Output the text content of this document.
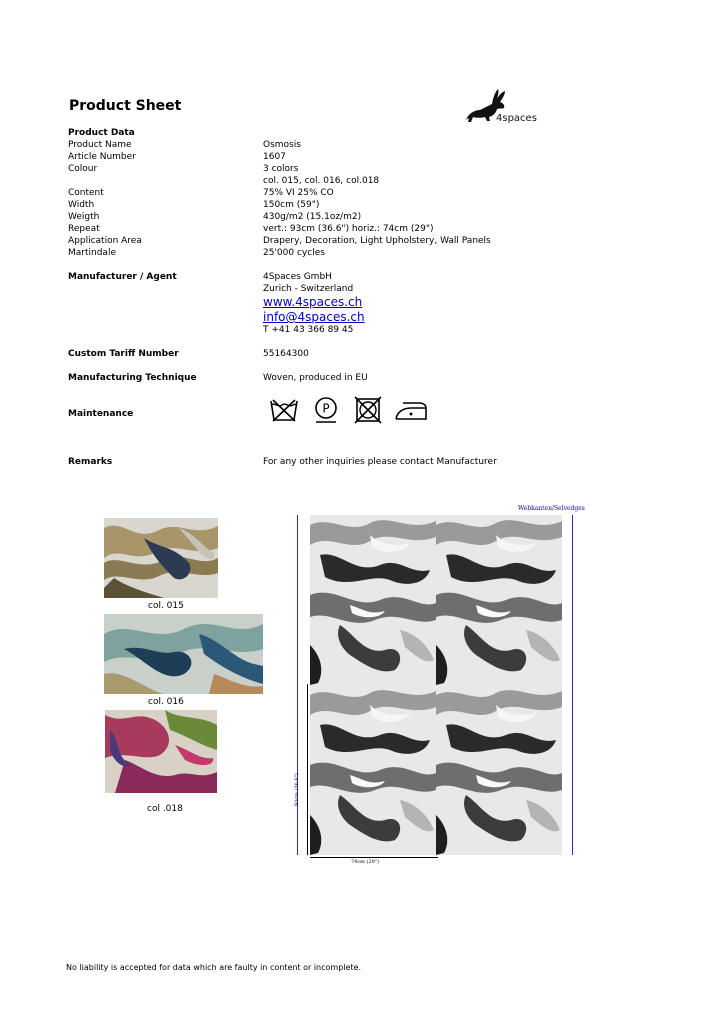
Product Sheet
4spaces
Product Data
Product Name	Osmosis
Article Number	1607
Colour	3 colors
col. 015, col. 016, col.018
Content	75% VI 25% CO
Width	150cm (59")
Weigth	430g/m2 (15.1oz/m2)
Repeat	vert.: 93cm (36.6") horiz.: 74cm (29")
Application Area	Drapery, Decoration, Light Upholstery, Wall Panels
Martindale	25'000 cycles
Manufacturer / Agent	4Spaces GmbH
Zurich - Switzerland
www.4spaces.ch
info@4spaces.ch
T +41 43 366 89 45
Custom Tariff Number	55164300
Manufacturing Technique	Woven, produced in EU
Maintenance	P
Remarks	For any other inquiries please contact Manufacturer
col. 015
col. 016
col .018
Webkanten/Selvedges
93cm (36.6")
74cm (29")
No liability is accepted for data which are faulty in content or incomplete.
